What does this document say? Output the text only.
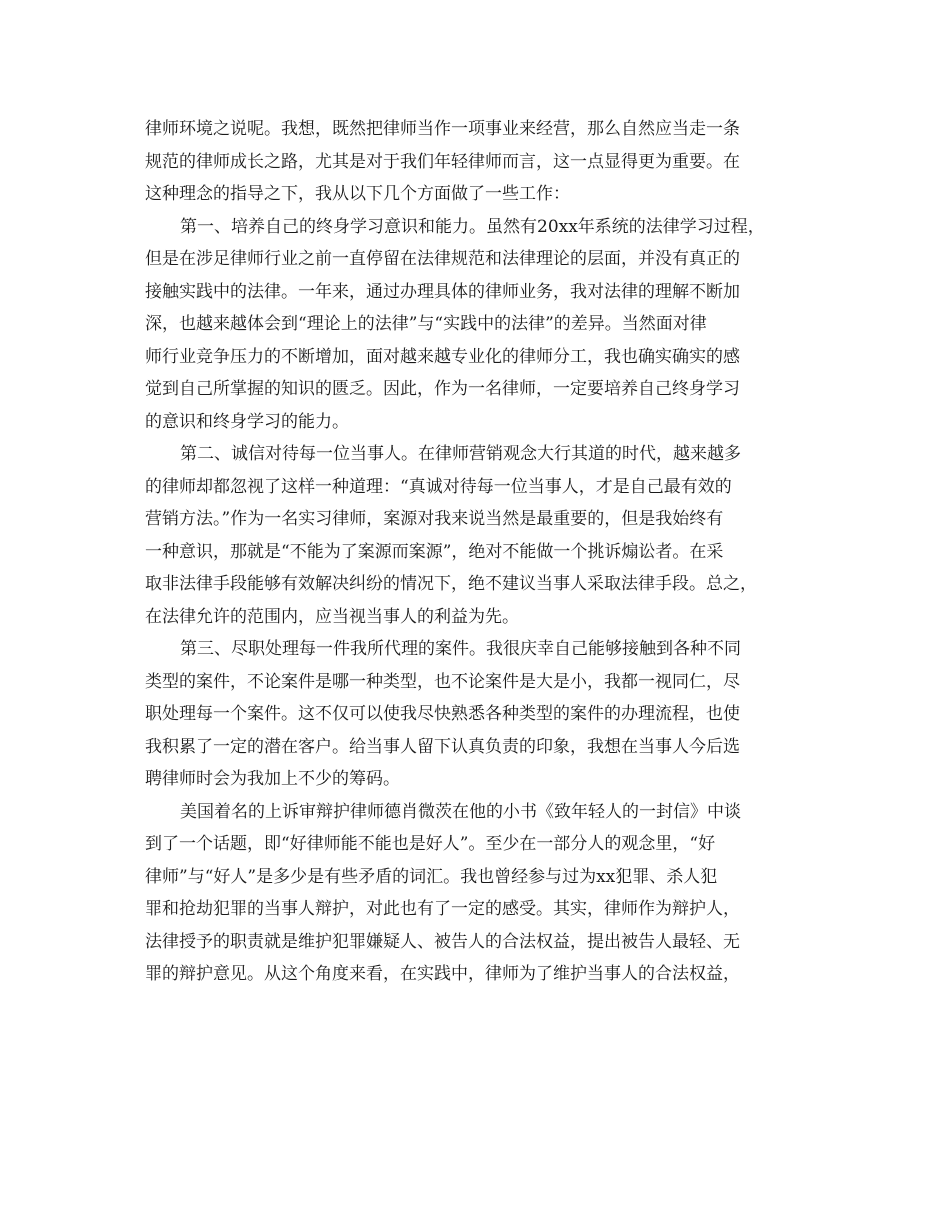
律师环境之说呢。我想，既然把律师当作一项事业来经营，那么自然应当走一条
规范的律师成长之路，尤其是对于我们年轻律师而言，这一点显得更为重要。在
这种理念的指导之下，我从以下几个方面做了一些工作：
第一、培养自己的终身学习意识和能力。虽然有20xx年系统的法律学习过程，
但是在涉足律师行业之前一直停留在法律规范和法律理论的层面，并没有真正的
接触实践中的法律。一年来，通过办理具体的律师业务，我对法律的理解不断加
深，也越来越体会到“理论上的法律”与“实践中的法律”的差异。当然面对律
师行业竞争压力的不断增加，面对越来越专业化的律师分工，我也确实确实的感
觉到自己所掌握的知识的匮乏。因此，作为一名律师，一定要培养自己终身学习
的意识和终身学习的能力。
第二、诚信对待每一位当事人。在律师营销观念大行其道的时代，越来越多
的律师却都忽视了这样一种道理：“真诚对待每一位当事人，才是自己最有效的
营销方法。”作为一名实习律师，案源对我来说当然是最重要的，但是我始终有
一种意识，那就是“不能为了案源而案源”，绝对不能做一个挑诉煽讼者。在采
取非法律手段能够有效解决纠纷的情况下，绝不建议当事人采取法律手段。总之，
在法律允许的范围内，应当视当事人的利益为先。
第三、尽职处理每一件我所代理的案件。我很庆幸自己能够接触到各种不同
类型的案件，不论案件是哪一种类型，也不论案件是大是小，我都一视同仁，尽
职处理每一个案件。这不仅可以使我尽快熟悉各种类型的案件的办理流程，也使
我积累了一定的潜在客户。给当事人留下认真负责的印象，我想在当事人今后选
聘律师时会为我加上不少的筹码。
美国着名的上诉审辩护律师德肖微茨在他的小书《致年轻人的一封信》中谈
到了一个话题，即“好律师能不能也是好人”。至少在一部分人的观念里，“好
律师”与“好人”是多少是有些矛盾的词汇。我也曾经参与过为xx犯罪、杀人犯
罪和抢劫犯罪的当事人辩护，对此也有了一定的感受。其实，律师作为辩护人，
法律授予的职责就是维护犯罪嫌疑人、被告人的合法权益，提出被告人最轻、无
罪的辩护意见。从这个角度来看，在实践中，律师为了维护当事人的合法权益，
